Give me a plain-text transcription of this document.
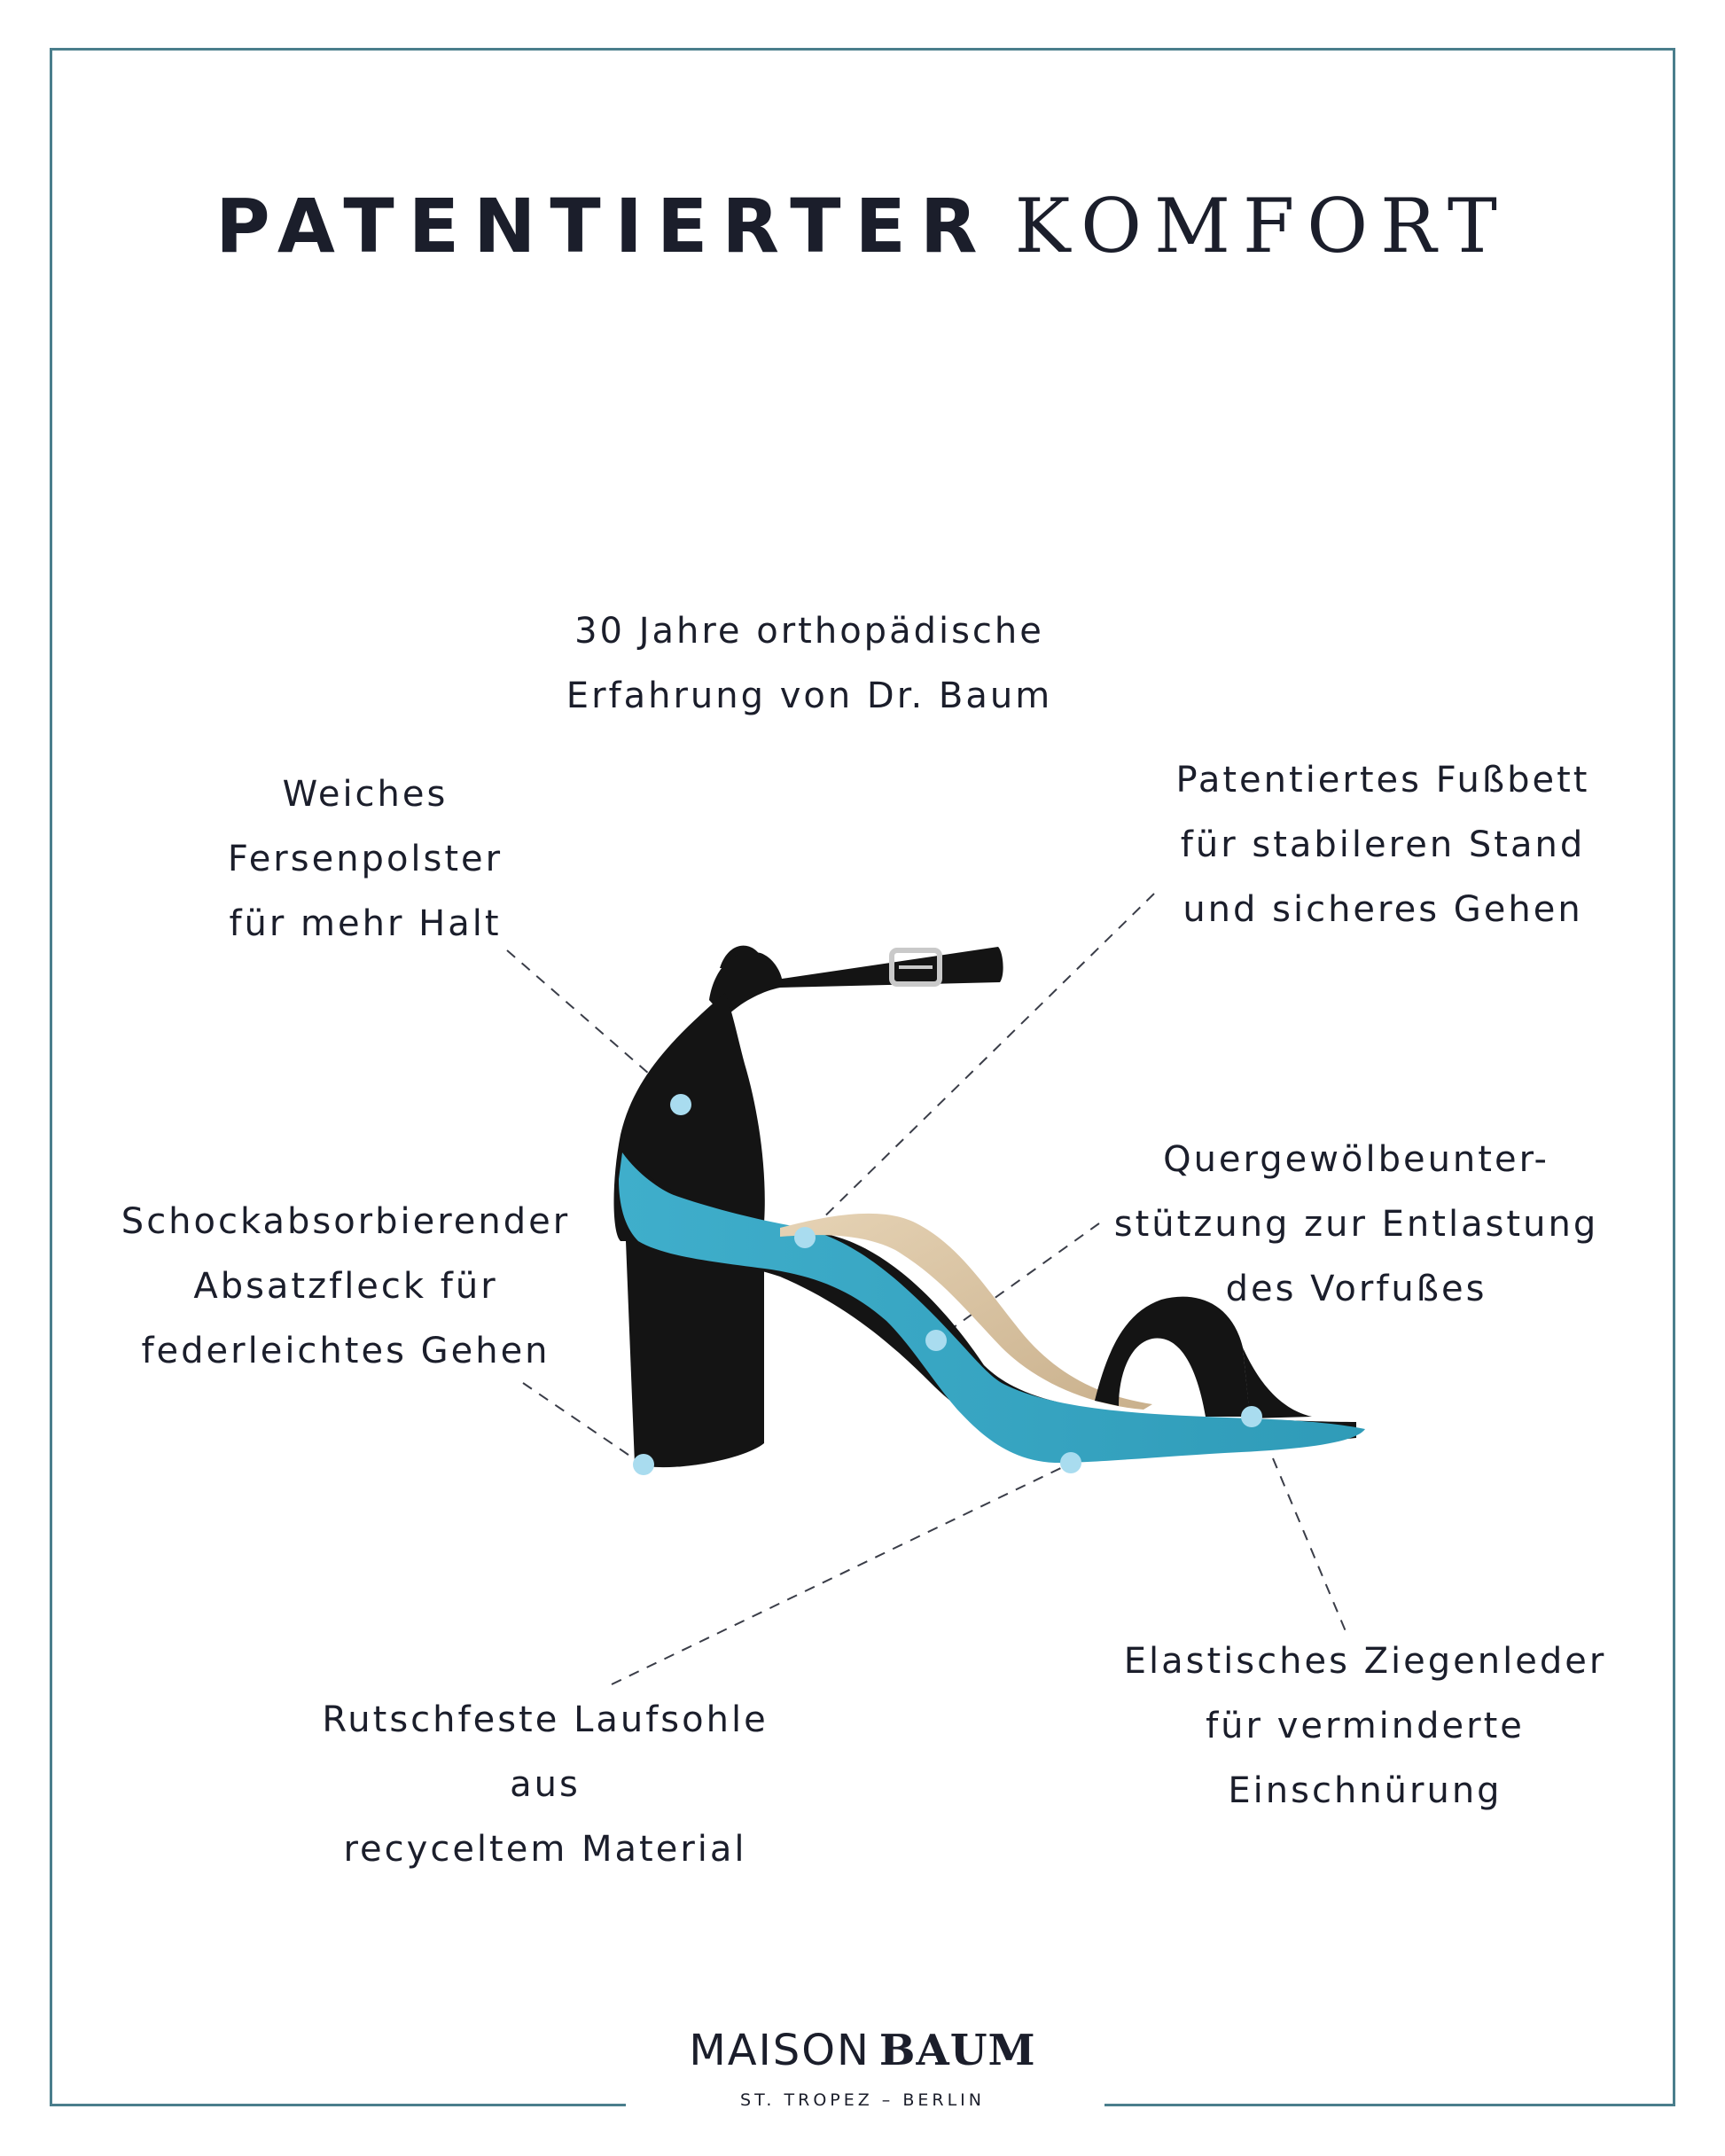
PATENTIERTER KOMFORT
30 Jahre orthopädische
Erfahrung von Dr. Baum
Weiches
Fersenpolster
für mehr Halt
Patentiertes Fußbett
für stabileren Stand
und sicheres Gehen
Schockabsorbierender
Absatzfleck für
federleichtes Gehen
Quergewölbeunter-
stützung zur Entlastung
des Vorfußes
Rutschfeste Laufsohle
aus
recyceltem Material
Elastisches Ziegenleder
für verminderte
Einschnürung
MAISON BAUM
ST. TROPEZ – BERLIN
